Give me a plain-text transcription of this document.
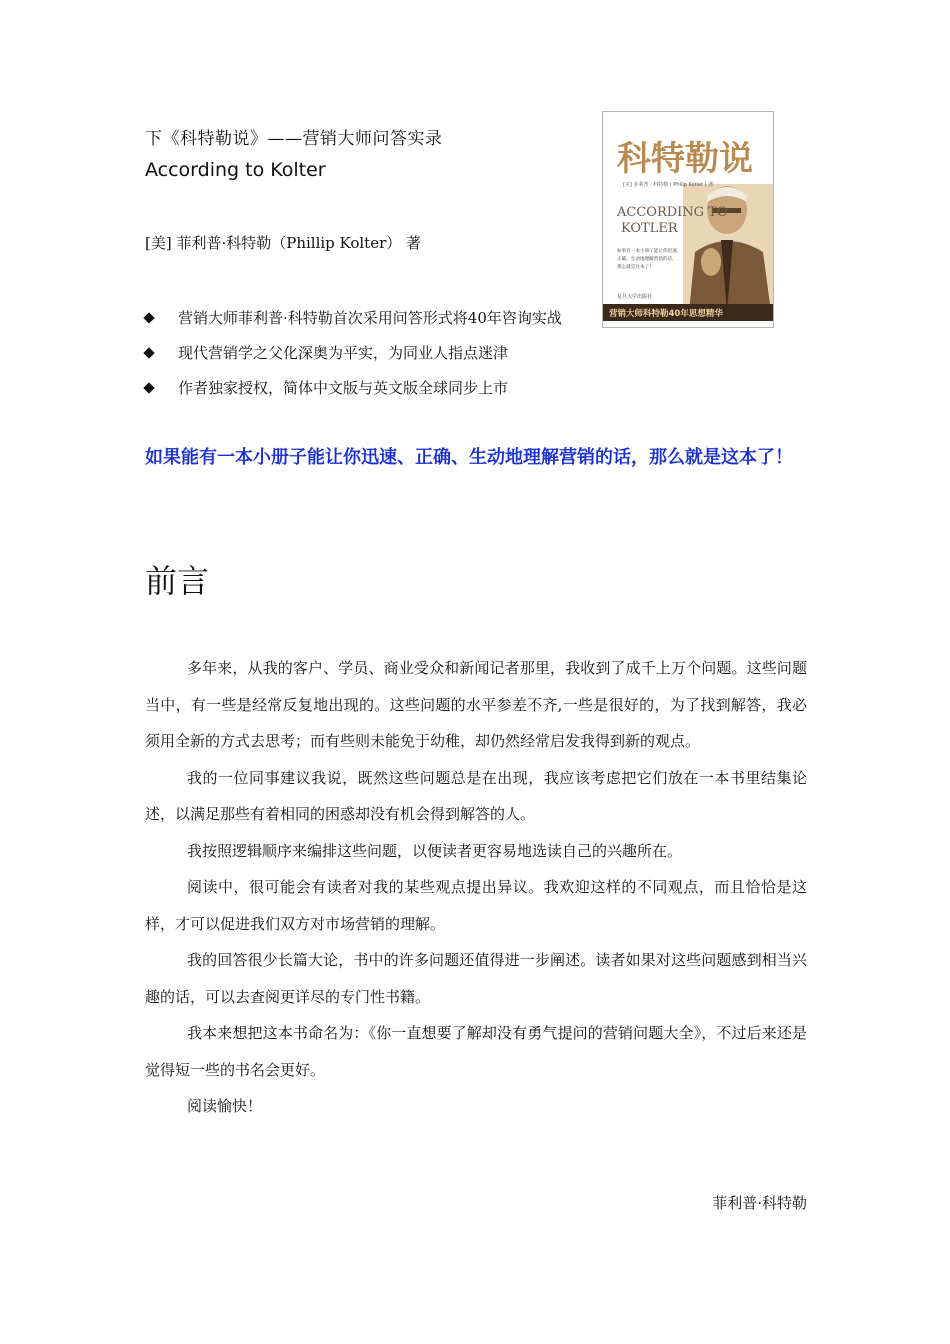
下《科特勒说》——营销大师问答实录
According to Kolter
[美] 菲利普·科特勒（Phillip Kolter） 著
营销大师菲利普·科特勒首次采用问答形式将40年咨询实战
现代营销学之父化深奥为平实，为同业人指点迷津
作者独家授权，简体中文版与英文版全球同步上市
科特勒说
[美] 菲利普 · 科特勒 ( Philip Kotler ) 著
ACCORDING TO
KOTLER
如果有一本小册子能让你迅速、
正确、生动地理解营销的话，
那么就是这本了！
复旦大学出版社
营销大师科特勒40年思想精华
如果能有一本小册子能让你迅速、正确、生动地理解营销的话，那么就是这本了！
前言

多年来，从我的客户、学员、商业受众和新闻记者那里，我收到了成千上万个问题。这些问题当中，有一些是经常反复地出现的。这些问题的水平参差不齐,一些是很好的，为了找到解答，我必须用全新的方式去思考；而有些则未能免于幼稚，却仍然经常启发我得到新的观点。

我的一位同事建议我说，既然这些问题总是在出现，我应该考虑把它们放在一本书里结集论述，以满足那些有着相同的困惑却没有机会得到解答的人。

我按照逻辑顺序来编排这些问题，以便读者更容易地选读自己的兴趣所在。

阅读中，很可能会有读者对我的某些观点提出异议。我欢迎这样的不同观点，而且恰恰是这样，才可以促进我们双方对市场营销的理解。

我的回答很少长篇大论，书中的许多问题还值得进一步阐述。读者如果对这些问题感到相当兴趣的话，可以去查阅更详尽的专门性书籍。

我本来想把这本书命名为：《你一直想要了解却没有勇气提问的营销问题大全》，不过后来还是觉得短一些的书名会更好。

阅读愉快！

菲利普·科特勒
